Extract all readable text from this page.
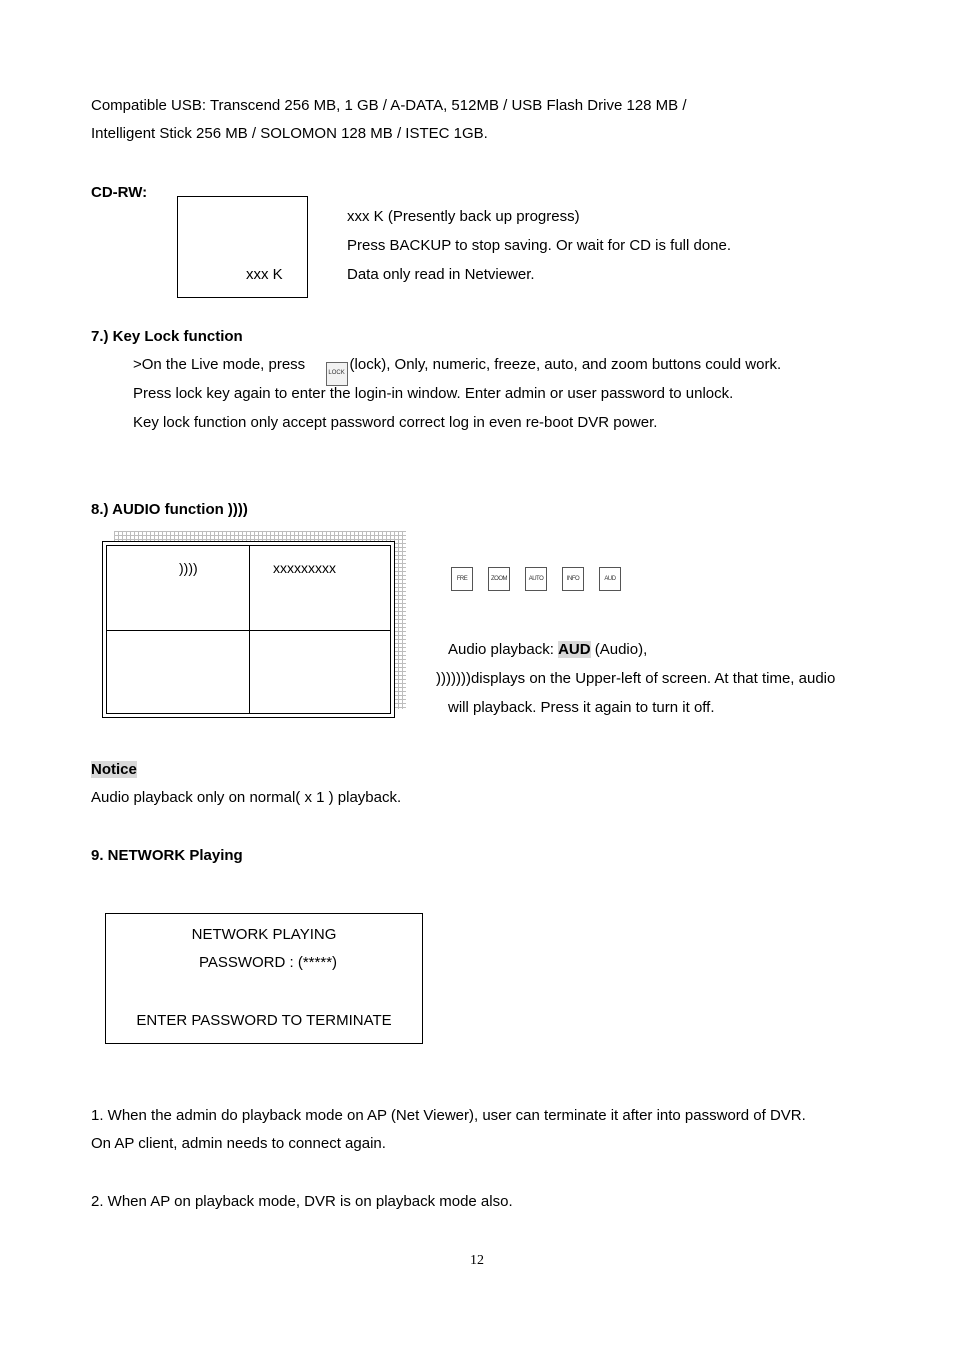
Compatible USB: Transcend 256 MB, 1 GB / A-DATA, 512MB / USB Flash Drive 128 MB /
Intelligent Stick 256 MB / SOLOMON 128 MB / ISTEC 1GB.
CD-RW:
xxx K
xxx K (Presently back up progress)
Press BACKUP to stop saving. Or wait for CD is full done.
Data only read in Netviewer.
7.) Key Lock function
>On the Live mode, press	LOCK (lock), Only, numeric, freeze, auto, and zoom buttons could work.
Press lock key again to enter the login-in window. Enter admin or user password to unlock.
Key lock function only accept password correct log in even re-boot DVR power.
8.) AUDIO function ))))
))))	xxxxxxxxx
FRE	ZOOM	AUTO	INFO	AUD
Audio playback: AUD (Audio),
)))))))displays on the Upper-left of screen. At that time, audio
will playback. Press it again to turn it off.
Notice
Audio playback only on normal( x 1 ) playback.
9. NETWORK Playing
NETWORK PLAYING
PASSWORD : (*****)
ENTER PASSWORD TO TERMINATE
1. When the admin do playback mode on AP (Net Viewer), user can terminate it after into password of DVR.
On AP client, admin needs to connect again.
2. When AP on playback mode, DVR is on playback mode also.
12
